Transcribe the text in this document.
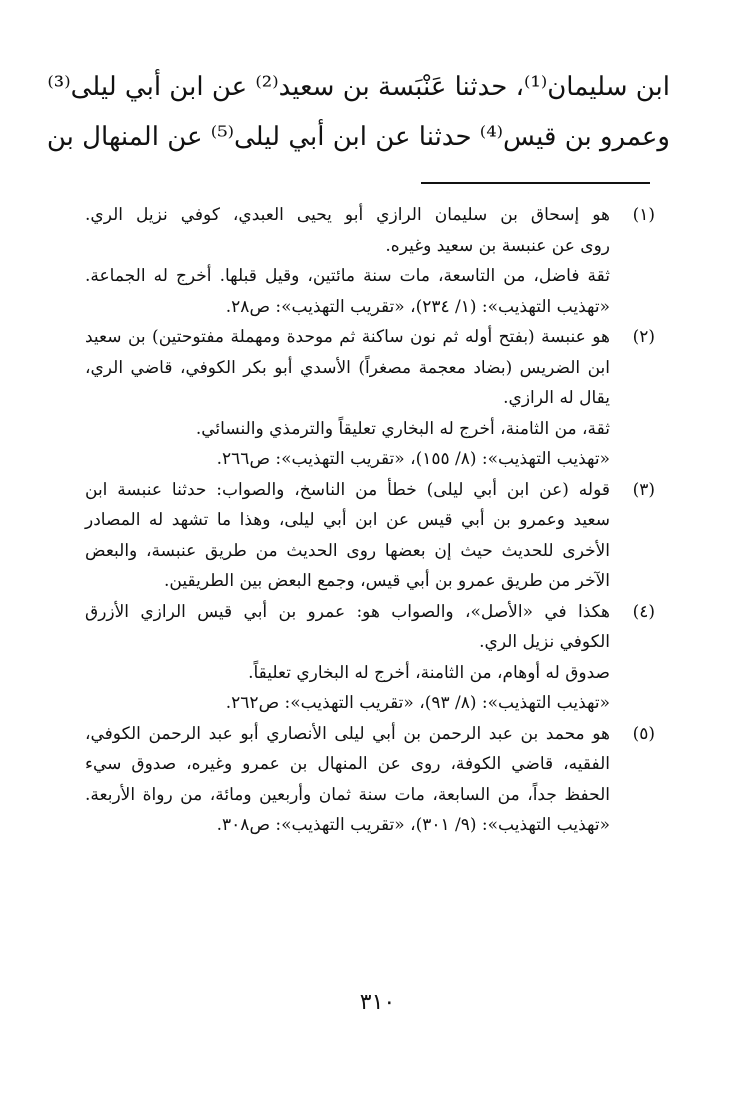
ابن سليمان⁽¹⁾، حدثنا عَنْبَسة بن سعيد⁽²⁾ عن ابن أبي ليلى⁽³⁾
وعمرو بن قيس⁽⁴⁾ حدثنا عن ابن أبي ليلى⁽⁵⁾ عن المنهال بن
(١)
هو إسحاق بن سليمان الرازي أبو يحيى العبدي، كوفي نزيل الري.
روى عن عنبسة بن سعيد وغيره.
ثقة فاضل، من التاسعة، مات سنة مائتين، وقيل قبلها. أخرج له الجماعة.
«تهذيب التهذيب»: (١/ ٢٣٤)، «تقريب التهذيب»: ص٢٨.
(٢)
هو عنبسة (بفتح أوله ثم نون ساكنة ثم موحدة ومهملة مفتوحتين) بن سعيد
ابن الضريس (بضاد معجمة مصغراً) الأسدي أبو بكر الكوفي، قاضي الري،
يقال له الرازي.
ثقة، من الثامنة، أخرج له البخاري تعليقاً والترمذي والنسائي.
«تهذيب التهذيب»: (٨/ ١٥٥)، «تقريب التهذيب»: ص٢٦٦.
(٣)
قوله (عن ابن أبي ليلى) خطأ من الناسخ، والصواب: حدثنا عنبسة ابن
سعيد وعمرو بن أبي قيس عن ابن أبي ليلى، وهذا ما تشهد له المصادر
الأخرى للحديث حيث إن بعضها روى الحديث من طريق عنبسة، والبعض
الآخر من طريق عمرو بن أبي قيس، وجمع البعض بين الطريقين.
(٤)
هكذا في «الأصل»، والصواب هو: عمرو بن أبي قيس الرازي الأزرق
الكوفي نزيل الري.
صدوق له أوهام، من الثامنة، أخرج له البخاري تعليقاً.
«تهذيب التهذيب»: (٨/ ٩٣)، «تقريب التهذيب»: ص٢٦٢.
(٥)
هو محمد بن عبد الرحمن بن أبي ليلى الأنصاري أبو عبد الرحمن الكوفي،
الفقيه، قاضي الكوفة، روى عن المنهال بن عمرو وغيره، صدوق سيء
الحفظ جداً، من السابعة، مات سنة ثمان وأربعين ومائة، من رواة الأربعة.
«تهذيب التهذيب»: (٩/ ٣٠١)، «تقريب التهذيب»: ص٣٠٨.
٣١٠
